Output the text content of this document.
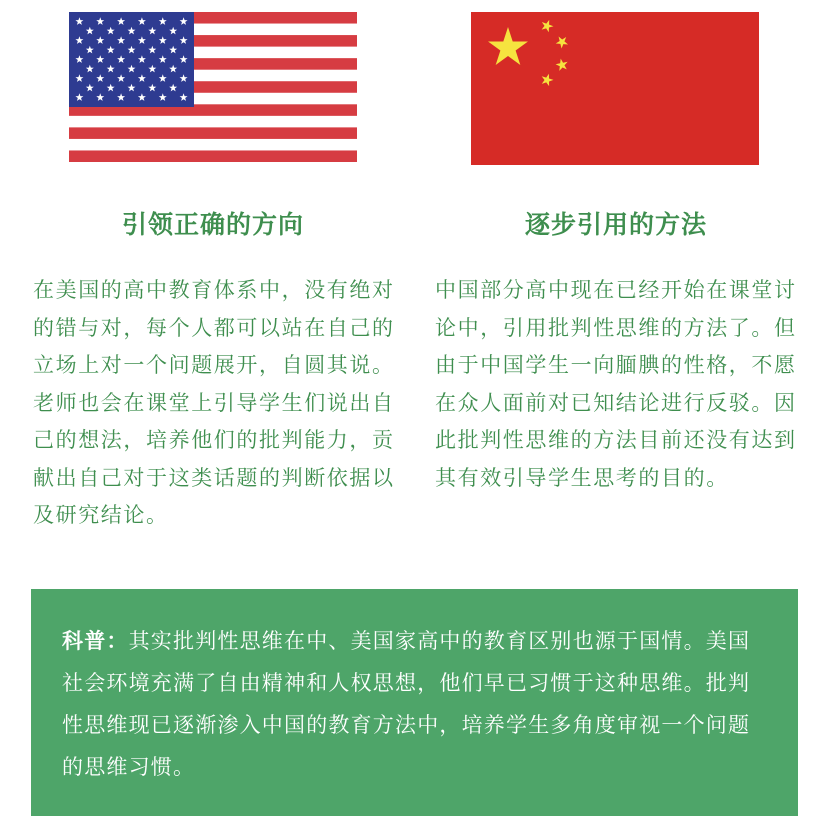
引领正确的方向

在美国的高中教育体系中，没有绝对的错与对，每个人都可以站在自己的立场上对一个问题展开，自圆其说。老师也会在课堂上引导学生们说出自己的想法，培养他们的批判能力，贡献出自己对于这类话题的判断依据以及研究结论。

逐步引用的方法

中国部分高中现在已经开始在课堂讨论中，引用批判性思维的方法了。但由于中国学生一向腼腆的性格，不愿在众人面前对已知结论进行反驳。因此批判性思维的方法目前还没有达到其有效引导学生思考的目的。

科普：其实批判性思维在中、美国家高中的教育区别也源于国情。美国社会环境充满了自由精神和人权思想，他们早已习惯于这种思维。批判性思维现已逐渐渗入中国的教育方法中，培养学生多角度审视一个问题的思维习惯。
